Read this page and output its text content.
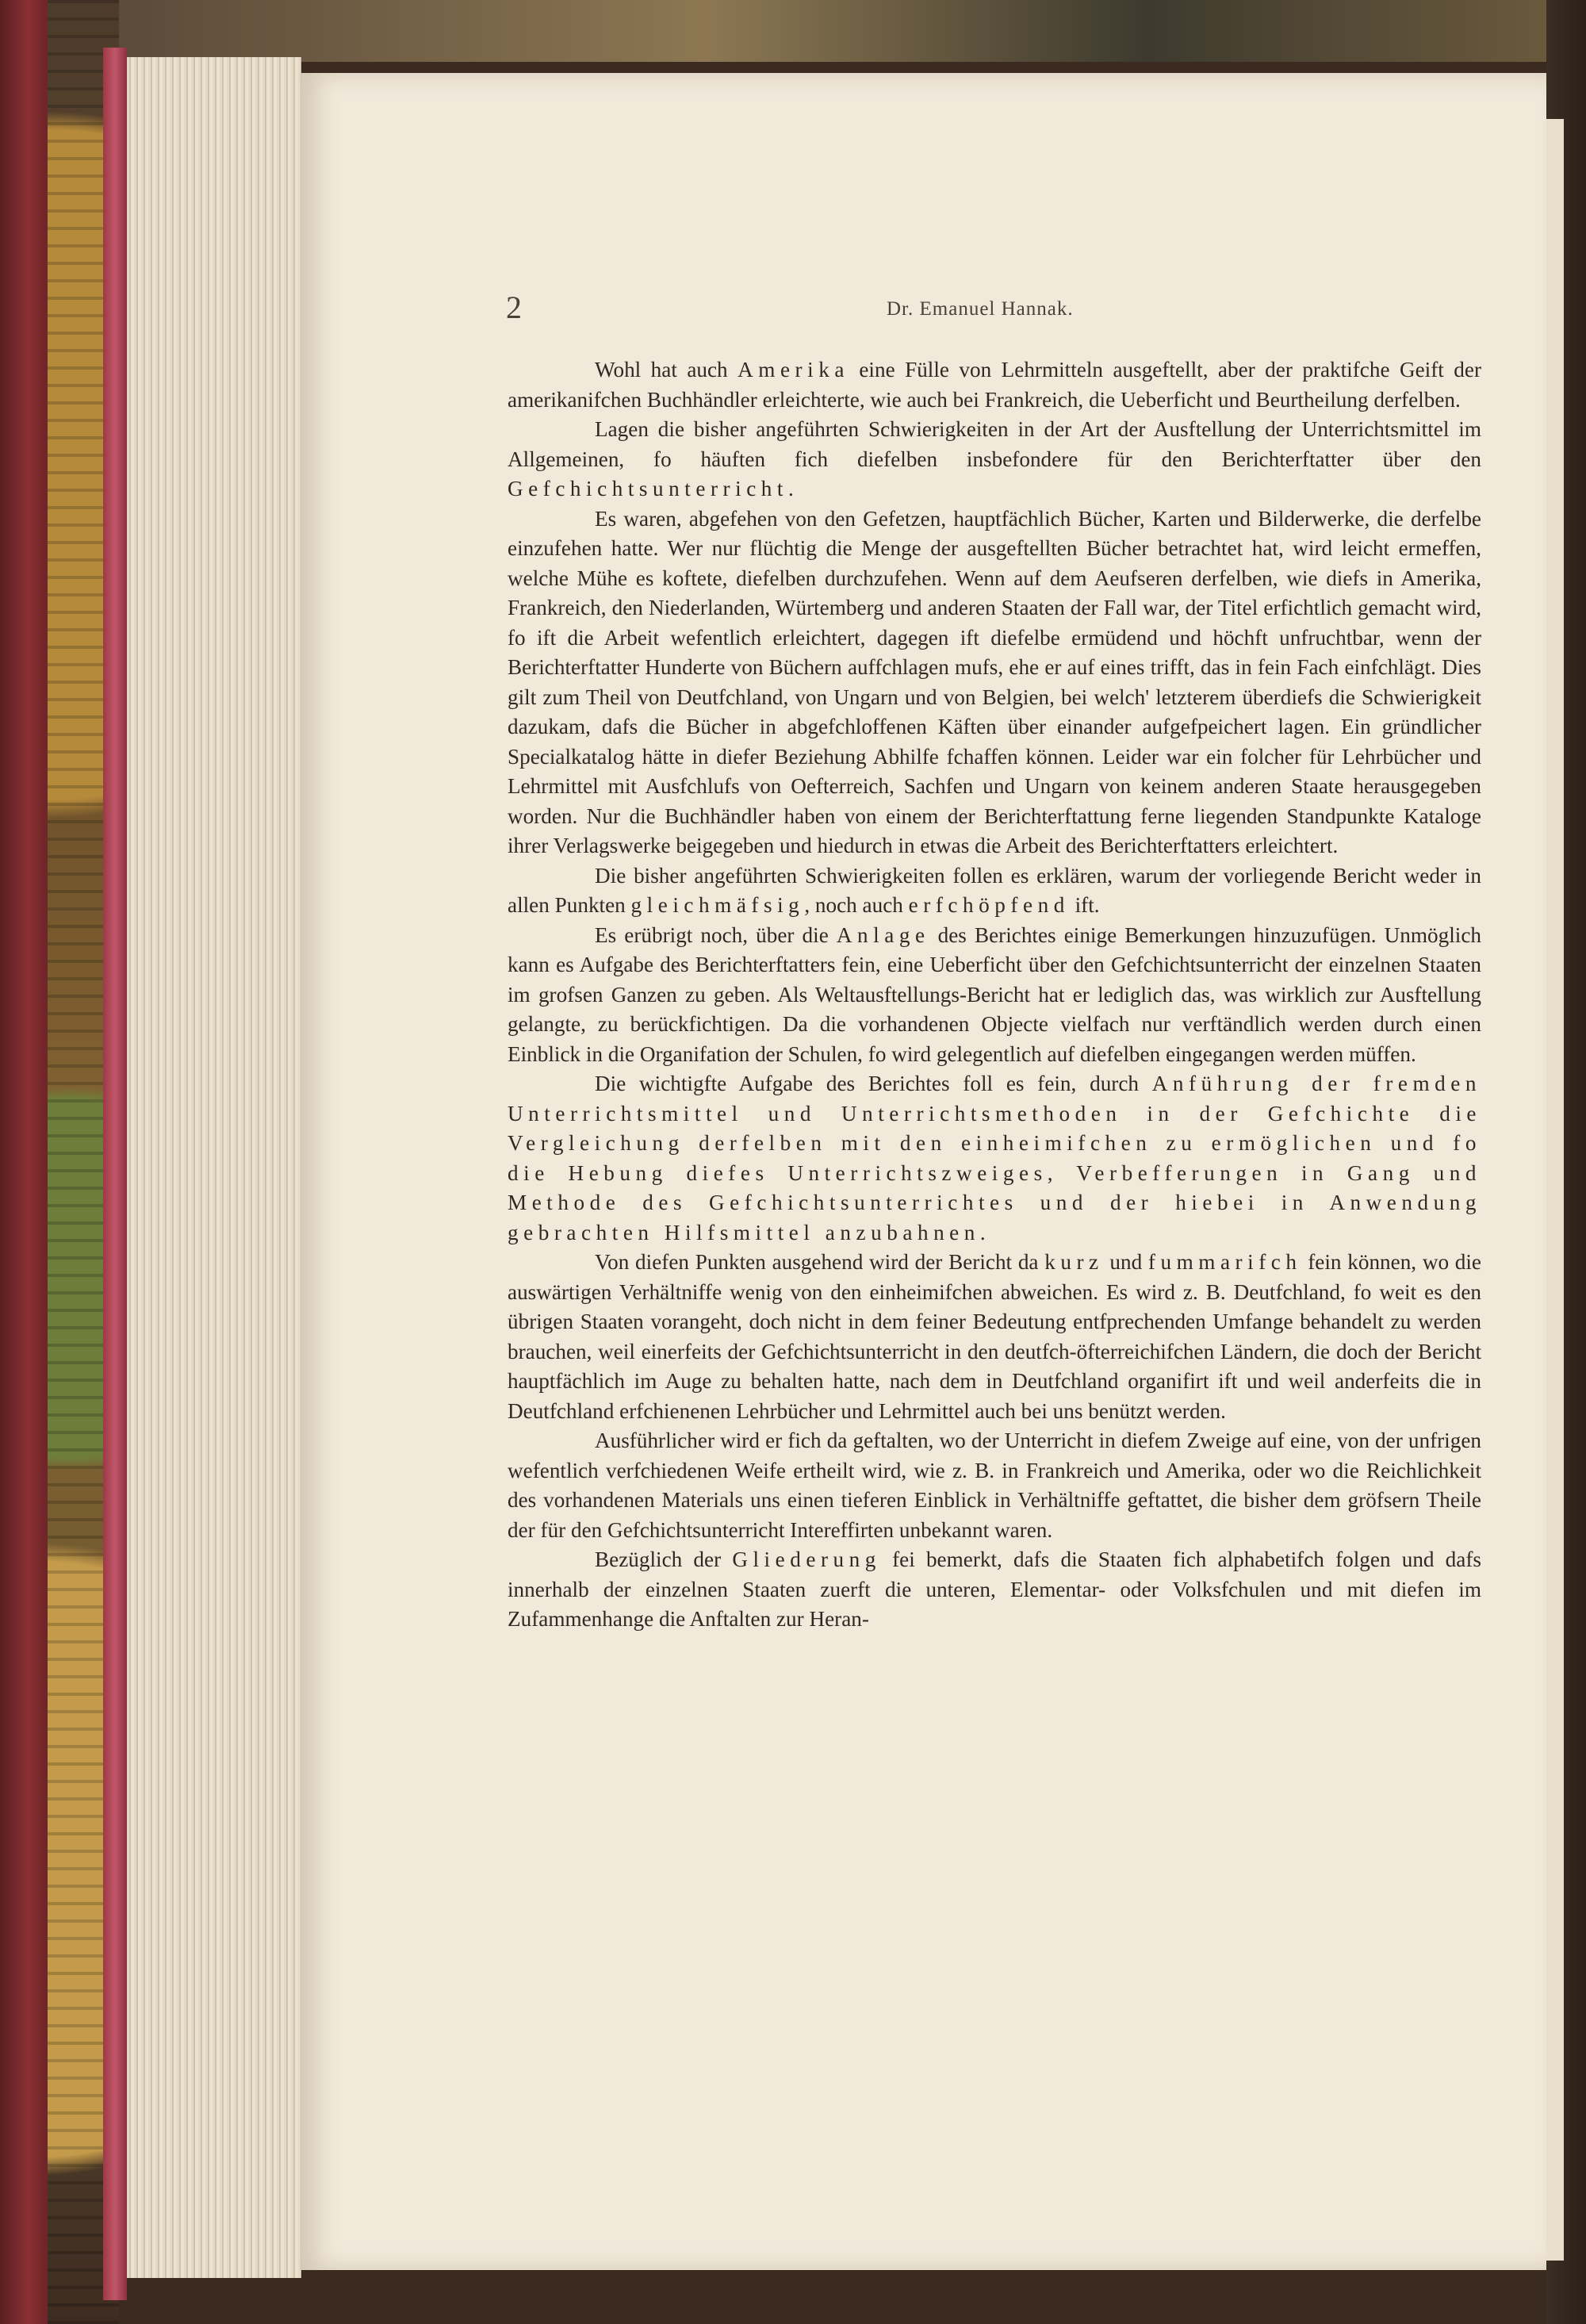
2	Dr. Emanuel Hannak.

Wohl hat auch Amerika eine Fülle von Lehrmitteln ausgeftellt, aber der praktifche Geift der amerikanifchen Buchhändler erleichterte, wie auch bei Frankreich, die Ueberficht und Beurtheilung derfelben.

Lagen die bisher angeführten Schwierigkeiten in der Art der Ausftellung der Unterrichtsmittel im Allgemeinen, fo häuften fich diefelben insbefondere für den Berichterftatter über den Gefchichtsunterricht.

Es waren, abgefehen von den Gefetzen, hauptfächlich Bücher, Karten und Bilderwerke, die derfelbe einzufehen hatte. Wer nur flüchtig die Menge der ausgeftellten Bücher betrachtet hat, wird leicht ermeffen, welche Mühe es koftete, diefelben durchzufehen. Wenn auf dem Aeufseren derfelben, wie diefs in Amerika, Frankreich, den Niederlanden, Würtemberg und anderen Staaten der Fall war, der Titel erfichtlich gemacht wird, fo ift die Arbeit wefentlich erleichtert, dagegen ift diefelbe ermüdend und höchft unfruchtbar, wenn der Berichterftatter Hunderte von Büchern auffchlagen mufs, ehe er auf eines trifft, das in fein Fach einfchlägt. Dies gilt zum Theil von Deutfchland, von Ungarn und von Belgien, bei welch' letzterem überdiefs die Schwierigkeit dazukam, dafs die Bücher in abgefchloffenen Käften über einander aufgefpeichert lagen. Ein gründlicher Specialkatalog hätte in diefer Beziehung Abhilfe fchaffen können. Leider war ein folcher für Lehrbücher und Lehrmittel mit Ausfchlufs von Oefterreich, Sachfen und Ungarn von keinem anderen Staate herausgegeben worden. Nur die Buchhändler haben von einem der Berichterftattung ferne liegenden Standpunkte Kataloge ihrer Verlagswerke beigegeben und hiedurch in etwas die Arbeit des Berichterftatters erleichtert.

Die bisher angeführten Schwierigkeiten follen es erklären, warum der vorliegende Bericht weder in allen Punkten gleichmäfsig, noch auch erfchöpfend ift.

Es erübrigt noch, über die Anlage des Berichtes einige Bemerkungen hinzuzufügen. Unmöglich kann es Aufgabe des Berichterftatters fein, eine Ueberficht über den Gefchichtsunterricht der einzelnen Staaten im grofsen Ganzen zu geben. Als Weltausftellungs-Bericht hat er lediglich das, was wirklich zur Ausftellung gelangte, zu berückfichtigen. Da die vorhandenen Objecte vielfach nur verftändlich werden durch einen Einblick in die Organifation der Schulen, fo wird gelegentlich auf diefelben eingegangen werden müffen.

Die wichtigfte Aufgabe des Berichtes foll es fein, durch Anführung der fremden Unterrichtsmittel und Unterrichtsmethoden in der Gefchichte die Vergleichung derfelben mit den einheimifchen zu ermöglichen und fo die Hebung diefes Unterrichtszweiges, Verbefferungen in Gang und Methode des Gefchichtsunterrichtes und der hiebei in Anwendung gebrachten Hilfsmittel anzubahnen.

Von diefen Punkten ausgehend wird der Bericht da kurz und fummarifch fein können, wo die auswärtigen Verhältniffe wenig von den einheimifchen abweichen. Es wird z. B. Deutfchland, fo weit es den übrigen Staaten vorangeht, doch nicht in dem feiner Bedeutung entfprechenden Umfange behandelt zu werden brauchen, weil einerfeits der Gefchichtsunterricht in den deutfch-öfterreichifchen Ländern, die doch der Bericht hauptfächlich im Auge zu behalten hatte, nach dem in Deutfchland organifirt ift und weil anderfeits die in Deutfchland erfchienenen Lehrbücher und Lehrmittel auch bei uns benützt werden.

Ausführlicher wird er fich da geftalten, wo der Unterricht in diefem Zweige auf eine, von der unfrigen wefentlich verfchiedenen Weife ertheilt wird, wie z. B. in Frankreich und Amerika, oder wo die Reichlichkeit des vorhandenen Materials uns einen tieferen Einblick in Verhältniffe geftattet, die bisher dem gröfsern Theile der für den Gefchichtsunterricht Intereffirten unbekannt waren.

Bezüglich der Gliederung fei bemerkt, dafs die Staaten fich alphabetifch folgen und dafs innerhalb der einzelnen Staaten zuerft die unteren, Elementar- oder Volksfchulen und mit diefen im Zufammenhange die Anftalten zur Heran-
